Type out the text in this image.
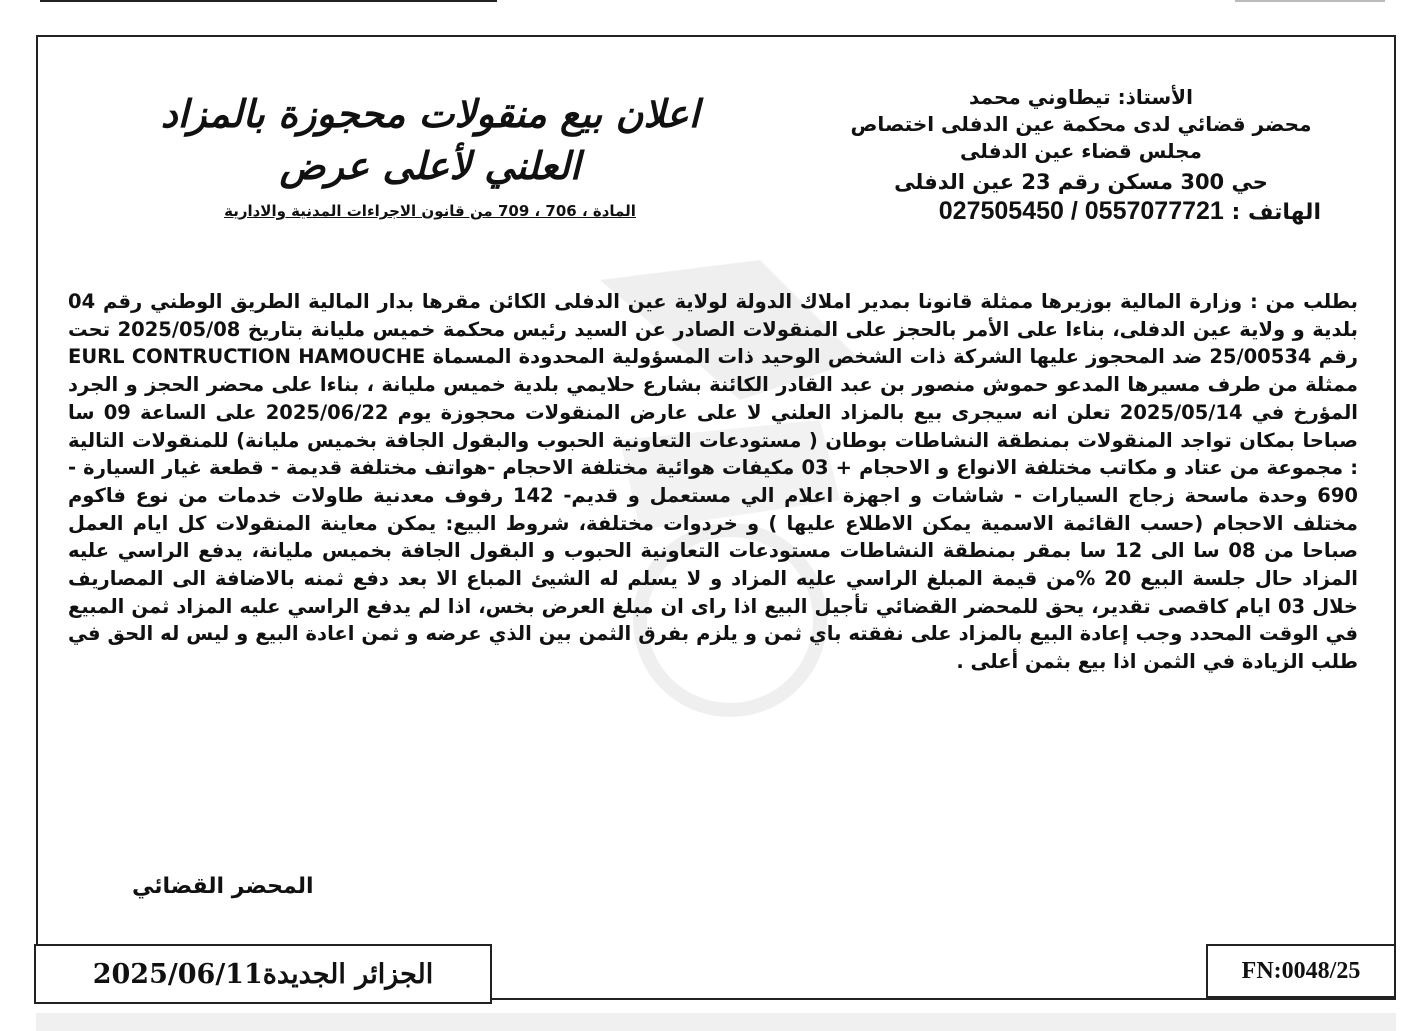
الأستاذ: تيطاوني محمد
محضر قضائي لدى محكمة عين الدفلى اختصاص
مجلس قضاء عين الدفلى
حي 300 مسكن رقم 23 عين الدفلى
الهاتف : 0557077721 / 027505450
اعلان بيع منقولات محجوزة بالمزاد
العلني لأعلى عرض
المادة ، 706 ، 709 من قانون الاجراءات المدنية والادارية
بطلب من : وزارة المالية بوزيرها ممثلة قانونا بمدير املاك الدولة لولاية عين الدفلى الكائن مقرها بدار المالية الطريق الوطني رقم 04 بلدية و ولاية عين الدفلى، بناءا على الأمر بالحجز على المنقولات الصادر عن السيد رئيس محكمة خميس مليانة بتاريخ 2025/05/08 تحت رقم 25/00534 ضد المحجوز عليها الشركة ذات الشخص الوحيد ذات المسؤولية المحدودة المسماة EURL CONTRUCTION HAMOUCHE ممثلة من طرف مسيرها المدعو حموش منصور بن عبد القادر الكائنة بشارع حلايمي بلدية خميس مليانة ، بناءا على محضر الحجز و الجرد المؤرخ في 2025/05/14 تعلن انه سيجرى بيع بالمزاد العلني لا على عارض المنقولات محجوزة يوم 2025/06/22 على الساعة 09 سا صباحا بمكان تواجد المنقولات بمنطقة النشاطات بوطان ( مستودعات التعاونية الحبوب والبقول الجافة بخميس مليانة) للمنقولات التالية : مجموعة من عتاد و مكاتب مختلفة الانواع و الاحجام + 03 مكيفات هوائية مختلفة الاحجام -هواتف مختلفة قديمة - قطعة غيار السيارة - 690 وحدة ماسحة زجاج السيارات - شاشات و اجهزة اعلام الي مستعمل و قديم- 142 رفوف معدنية طاولات خدمات من نوع فاكوم مختلف الاحجام (حسب القائمة الاسمية يمكن الاطلاع عليها ) و خردوات مختلفة، شروط البيع: يمكن معاينة المنقولات كل ايام العمل صباحا من 08 سا الى 12 سا بمقر بمنطقة النشاطات مستودعات التعاونية الحبوب و البقول الجافة بخميس مليانة، يدفع الراسي عليه المزاد حال جلسة البيع 20 %من قيمة المبلغ الراسي عليه المزاد و لا يسلم له الشيئ المباع الا بعد دفع ثمنه بالاضافة الى المصاريف خلال 03 ايام كاقصى تقدير، يحق للمحضر القضائي تأجيل البيع اذا راى ان مبلغ العرض بخس، اذا لم يدفع الراسي عليه المزاد ثمن المبيع في الوقت المحدد وجب إعادة البيع بالمزاد على نفقته باي ثمن و يلزم بفرق الثمن بين الذي عرضه و ثمن اعادة البيع و ليس له الحق في طلب الزيادة في الثمن اذا بيع بثمن أعلى .
المحضر القضائي
الجزائر الجديدة2025/06/11	FN:0048/25
